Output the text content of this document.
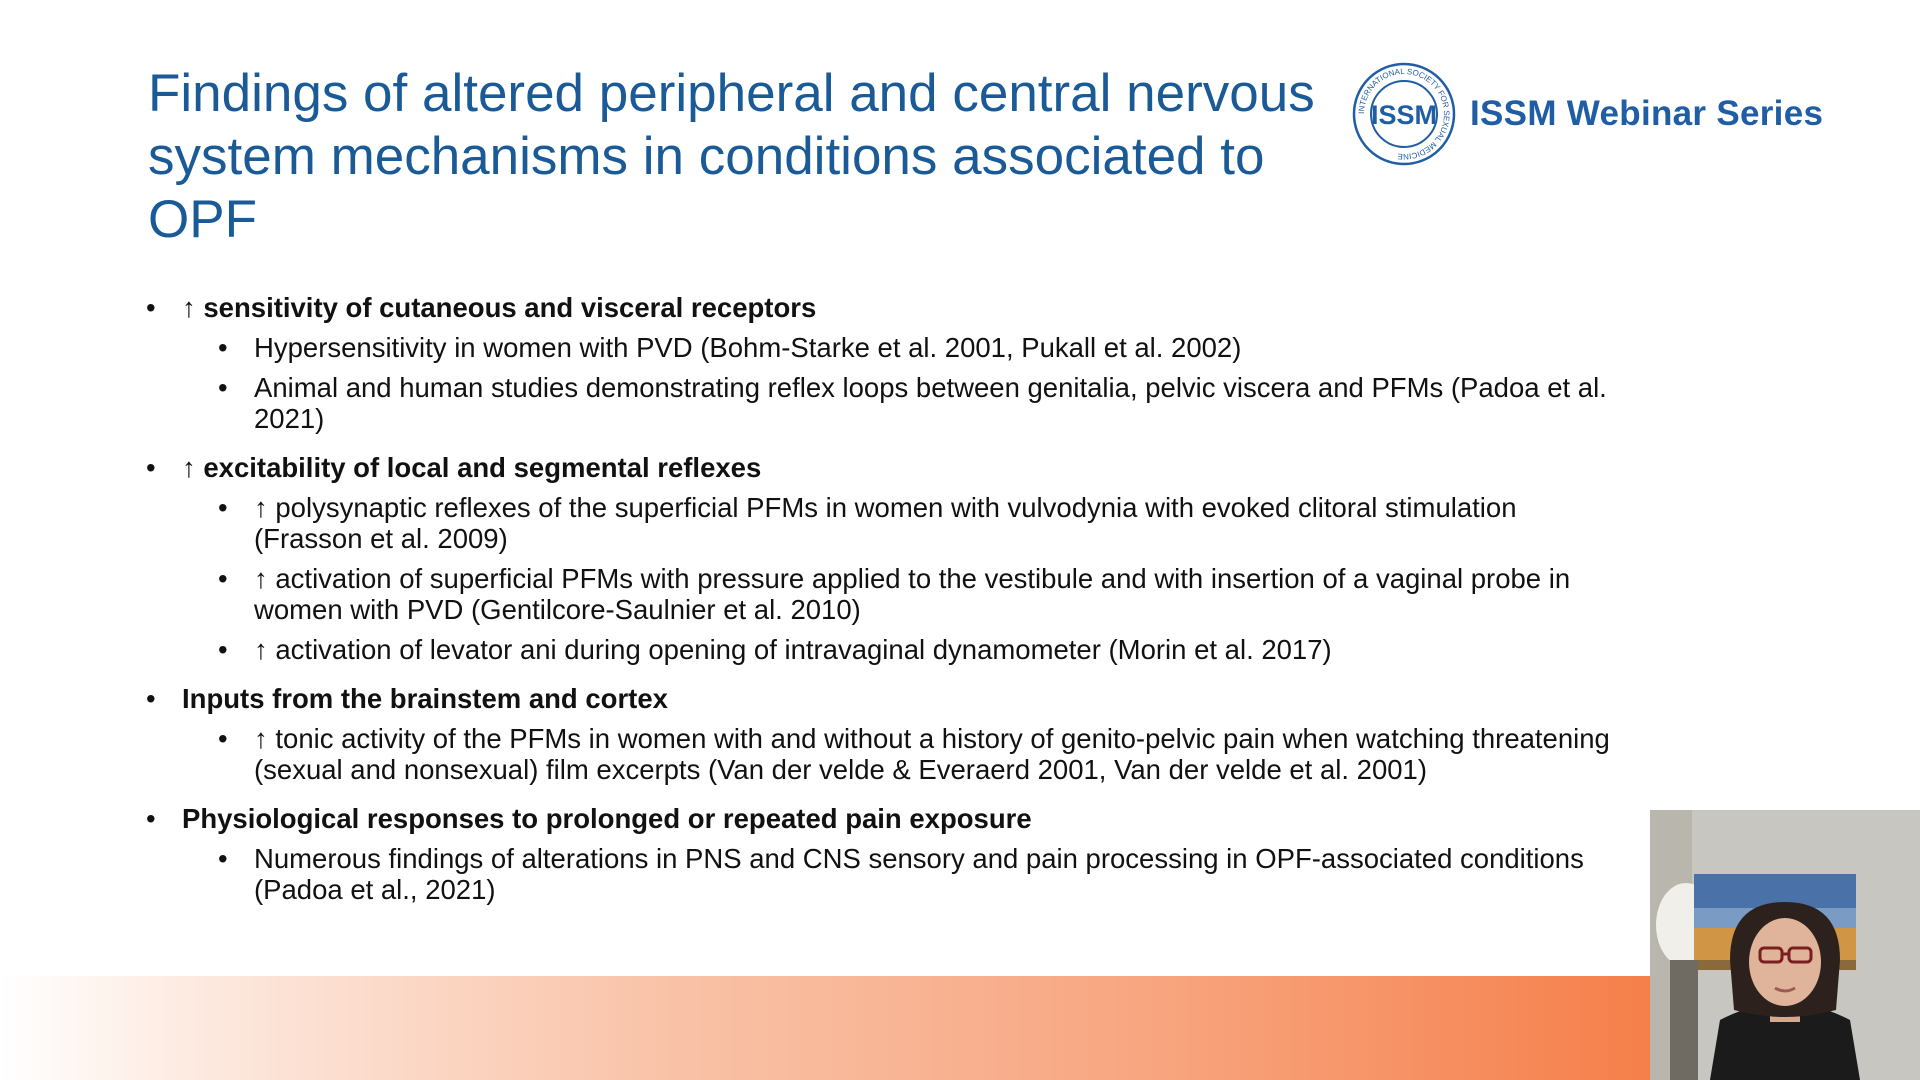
Findings of altered peripheral and central nervous system mechanisms in conditions associated to OPF
INTERNATIONAL SOCIETY FOR SEXUAL MEDICINE
ISSM ISSM Webinar Series
• ↑ sensitivity of cutaneous and visceral receptors
• Hypersensitivity in women with PVD (Bohm-Starke et al. 2001, Pukall et al. 2002)
• Animal and human studies demonstrating reflex loops between genitalia, pelvic viscera and PFMs (Padoa et al. 2021)
• ↑ excitability of local and segmental reflexes
• ↑ polysynaptic reflexes of the superficial PFMs in women with vulvodynia with evoked clitoral stimulation (Frasson et al. 2009)
• ↑ activation of superficial PFMs with pressure applied to the vestibule and with insertion of a vaginal probe in women with PVD (Gentilcore-Saulnier et al. 2010)
• ↑ activation of levator ani during opening of intravaginal dynamometer (Morin et al. 2017)
• Inputs from the brainstem and cortex
• ↑ tonic activity of the PFMs in women with and without a history of genito-pelvic pain when watching threatening (sexual and nonsexual) film excerpts (Van der velde & Everaerd 2001, Van der velde et al. 2001)
• Physiological responses to prolonged or repeated pain exposure
• Numerous findings of alterations in PNS and CNS sensory and pain processing in OPF-associated conditions (Padoa et al., 2021)
